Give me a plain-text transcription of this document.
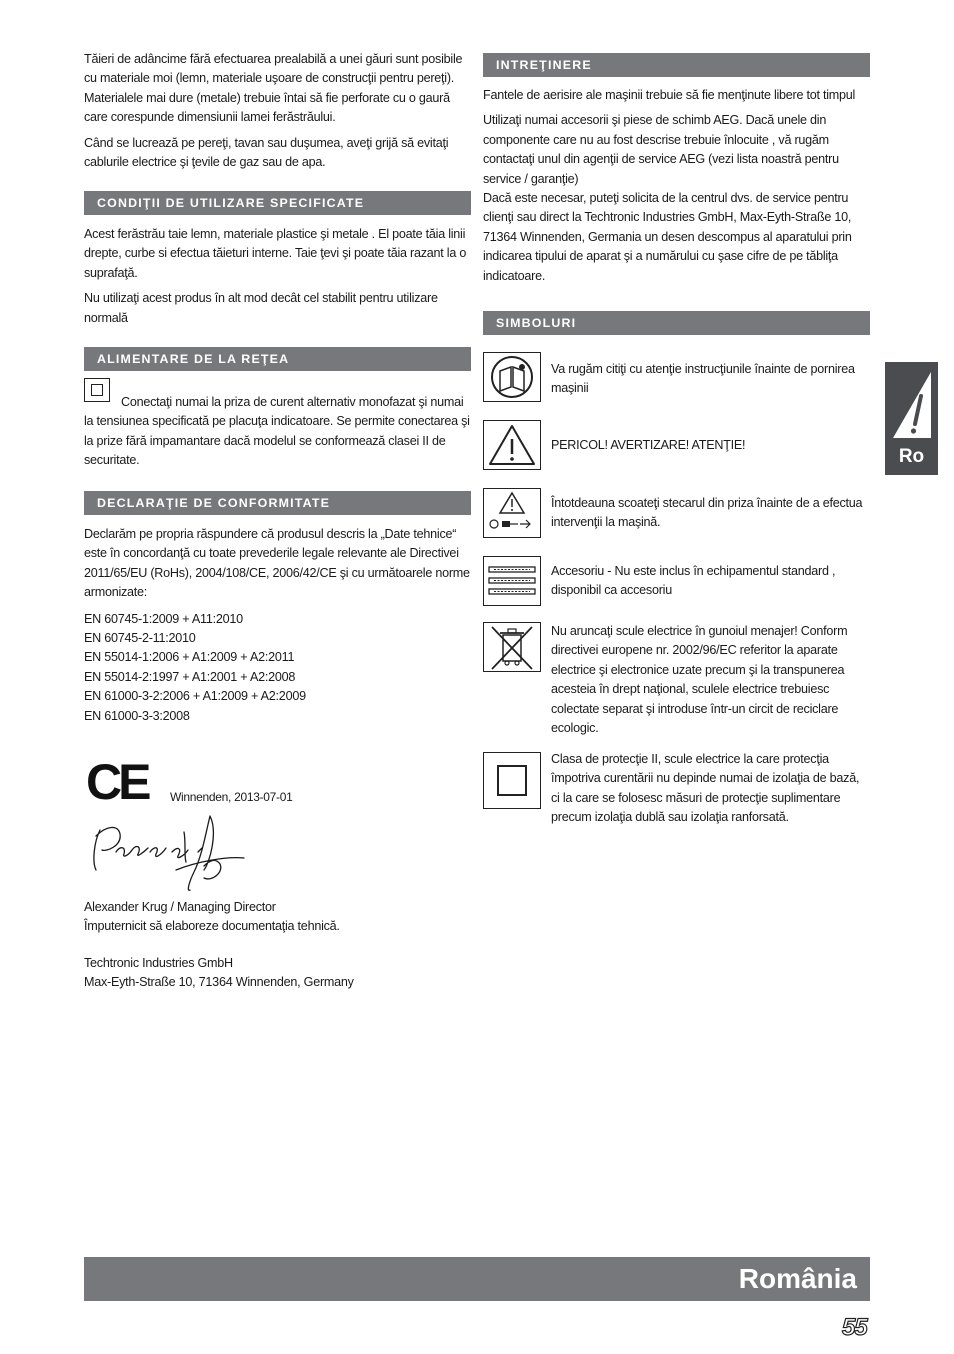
Tăieri de adâncime fără efectuarea prealabilă a unei găuri sunt posibile cu materiale moi (lemn, materiale uşoare de construcţii pentru pereţi). Materialele mai dure (metale) trebuie întai să fie perforate cu o gaură care corespunde dimensiunii lamei ferăstrăului.

Când se lucrează pe pereţi, tavan sau duşumea, aveţi grijă să evitaţi cablurile electrice şi ţevile de gaz sau de apa.

CONDIŢII DE UTILIZARE SPECIFICATE

Acest ferăstrău taie lemn, materiale plastice şi metale . El poate tăia linii drepte, curbe si efectua tăieturi interne. Taie ţevi şi poate tăia razant la o suprafaţă.

Nu utilizaţi acest produs în alt mod decât cel stabilit pentru utilizare normală

ALIMENTARE DE LA REŢEA

Conectaţi numai la priza de curent alternativ monofazat şi numai la tensiunea specificată pe placuţa indicatoare. Se permite conectarea şi la prize fără impamantare dacă modelul se conformează clasei II de securitate.

DECLARAŢIE DE CONFORMITATE

Declarăm pe propria răspundere că produsul descris la „Date tehnice“ este în concordanţă cu toate prevederile legale relevante ale Directivei 2011/65/EU (RoHs), 2004/108/CE, 2006/42/CE şi cu următoarele norme armonizate:

EN 60745-1:2009 + A11:2010
EN 60745-2-11:2010
EN 55014-1:2006 + A1:2009 + A2:2011
EN 55014-2:1997 + A1:2001 + A2:2008
EN 61000-3-2:2006 + A1:2009 + A2:2009
EN 61000-3-3:2008
CE Winnenden, 2013-07-01
Alexander Krug / Managing Director
Împuternicit să elaboreze documentaţia tehnică.
Techtronic Industries GmbH
Max-Eyth-Straße 10, 71364 Winnenden, Germany
INTREŢINERE

Fantele de aerisire ale maşinii trebuie să fie menţinute libere tot timpul

Utilizaţi numai accesorii şi piese de schimb AEG. Dacă unele din componente care nu au fost descrise trebuie înlocuite , vă rugăm contactaţi unul din agenţii de service AEG (vezi lista noastră pentru service / garanţie)

Dacă este necesar, puteţi solicita de la centrul dvs. de service pentru clienţi sau direct la Techtronic Industries GmbH, Max-Eyth-Straße 10, 71364 Winnenden, Germania un desen descompus al aparatului prin indicarea tipului de aparat şi a numărului cu şase cifre de pe tăbliţa indicatoare.

SIMBOLURI
Va rugăm citiţi cu atenţie instrucţiunile înainte de pornirea maşinii
PERICOL! AVERTIZARE! ATENŢIE!
Întotdeauna scoateţi stecarul din priza înainte de a efectua intervenţii la maşină.
Accesoriu - Nu este inclus în echipamentul standard , disponibil ca accesoriu
Nu aruncaţi scule electrice în gunoiul menajer! Conform directivei europene nr. 2002/96/EC referitor la aparate electrice şi electronice uzate precum şi la transpunerea acesteia în drept naţional, sculele electrice trebuiesc colectate separat şi introduse într-un circit de reciclare ecologic.
Clasa de protecţie II, scule electrice la care protecţia împotriva curentării nu depinde numai de izolaţia de bază, ci la care se folosesc măsuri de protecţie suplimentare precum izolaţia dublă sau izolaţia ranforsată.
Ro
România
55
